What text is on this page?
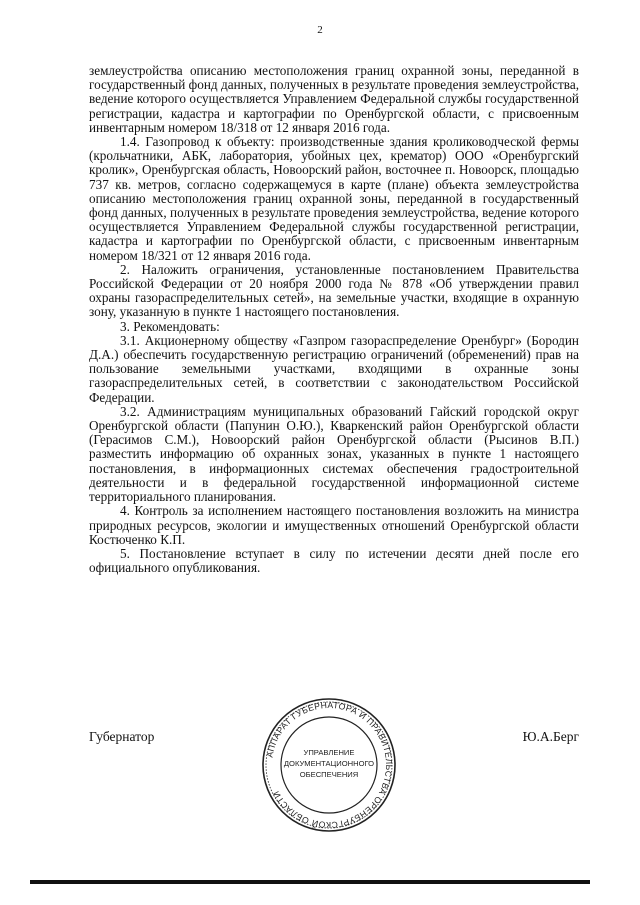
2

землеустройства описанию местоположения границ охранной зоны, переданной в государственный фонд данных, полученных в результате проведения землеустройства, ведение которого осуществляется Управлением Федеральной службы государственной регистрации, кадастра и картографии по Оренбургской области, с присвоенным инвентарным номером 18/318 от 12 января 2016 года.

1.4. Газопровод к объекту: производственные здания кролиководческой фермы (крольчатники, АБК, лаборатория, убойных цех, крематор) ООО «Оренбургский кролик», Оренбургская область, Новоорский район, восточнее п. Новоорск, площадью 737 кв. метров, согласно содержащемуся в карте (плане) объекта землеустройства описанию местоположения границ охранной зоны, переданной в государственный фонд данных, полученных в результате проведения землеустройства, ведение которого осуществляется Управлением Федеральной службы государственной регистрации, кадастра и картографии по Оренбургской области, с присвоенным инвентарным номером 18/321 от 12 января 2016 года.

2. Наложить ограничения, установленные постановлением Правительства Российской Федерации от 20 ноября 2000 года № 878 «Об утверждении правил охраны газораспределительных сетей», на земельные участки, входящие в охранную зону, указанную в пункте 1 настоящего постановления.

3. Рекомендовать:

3.1. Акционерному обществу «Газпром газораспределение Оренбург» (Бородин Д.А.) обеспечить государственную регистрацию ограничений (обременений) прав на пользование земельными участками, входящими в охранные зоны газораспределительных сетей, в соответствии с законодательством Российской Федерации.

3.2. Администрациям муниципальных образований Гайский городской округ Оренбургской области (Папунин О.Ю.), Кваркенский район Оренбургской области (Герасимов С.М.), Новоорский район Оренбургской области (Рысинов В.П.) разместить информацию об охранных зонах, указанных в пункте 1 настоящего постановления, в информационных системах обеспечения градостроительной деятельности и в федеральной государственной информационной системе территориального планирования.

4. Контроль за исполнением настоящего постановления возложить на министра природных ресурсов, экологии и имущественных отношений Оренбургской области Костюченко К.П.

5. Постановление вступает в силу по истечении десяти дней после его официального опубликования.

Губернатор	Ю.А.Берг
АППАРАТ ГУБЕРНАТОРА И ПРАВИТЕЛЬСТВА ОРЕНБУРГСКОЙ ОБЛАСТИ
УПРАВЛЕНИЕ
ДОКУМЕНТАЦИОННОГО
ОБЕСПЕЧЕНИЯ
